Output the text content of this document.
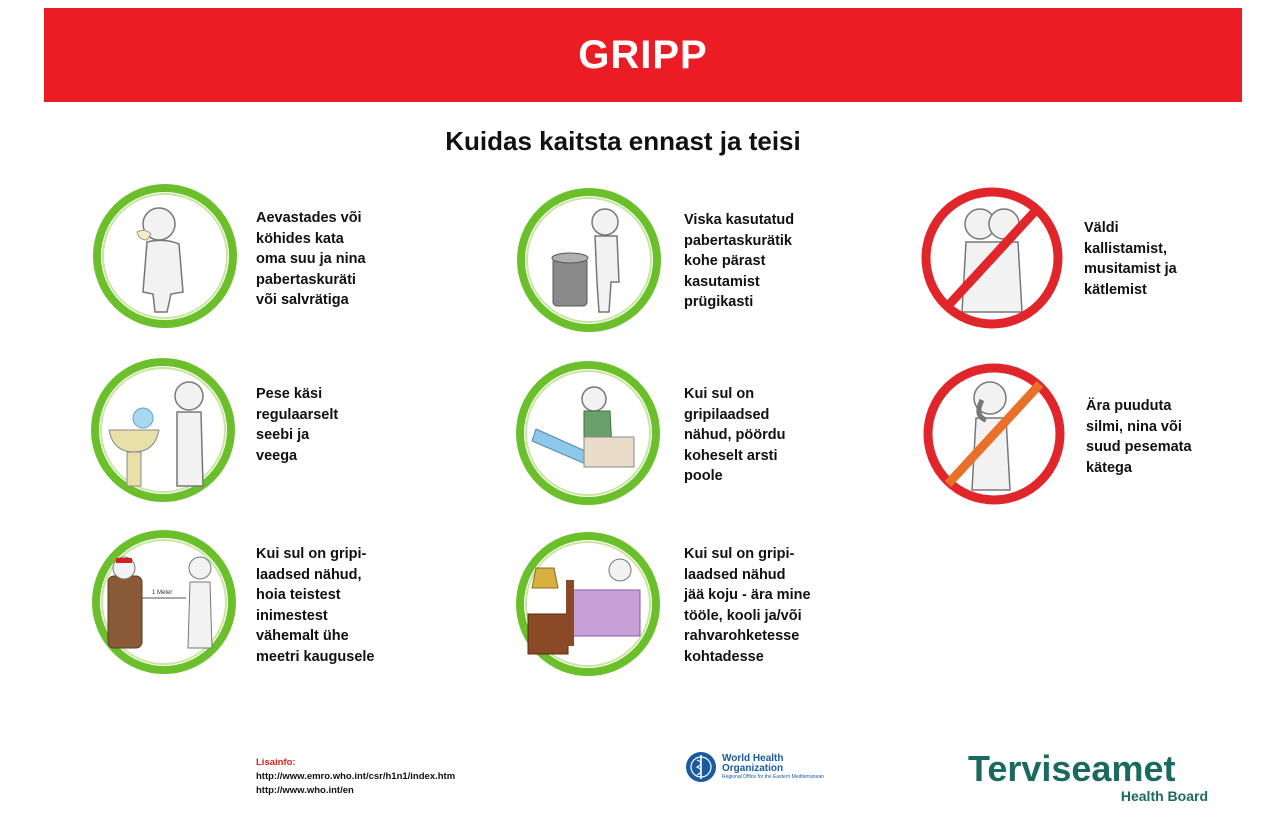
GRIPP
Kuidas kaitsta ennast ja teisi
Aevastades või
köhides kata
oma suu ja nina
pabertaskuräti
või salvrätiga
Viska kasutatud
pabertaskurätik
kohe pärast
kasutamist
prügikasti
Väldi
kallistamist,
musitamist ja
kätlemist
Pese käsi
regulaarselt
seebi ja
veega
Kui sul on
gripilaadsed
nähud, pöördu
koheselt arsti
poole
Ära puuduta
silmi, nina või
suud pesemata
kätega
1 Meter
Kui sul on gripi-
laadsed nähud,
hoia teistest
inimestest
vähemalt ühe
meetri kaugusele
Kui sul on gripi-
laadsed nähud
jää koju - ära mine
tööle, kooli ja/või
rahvarohketesse
kohtadesse
Lisainfo:
http://www.emro.who.int/csr/h1n1/index.htm
http://www.who.int/en
World Health
Organization
Regional Office for the Eastern Mediterranean	Terviseamet
Health Board
